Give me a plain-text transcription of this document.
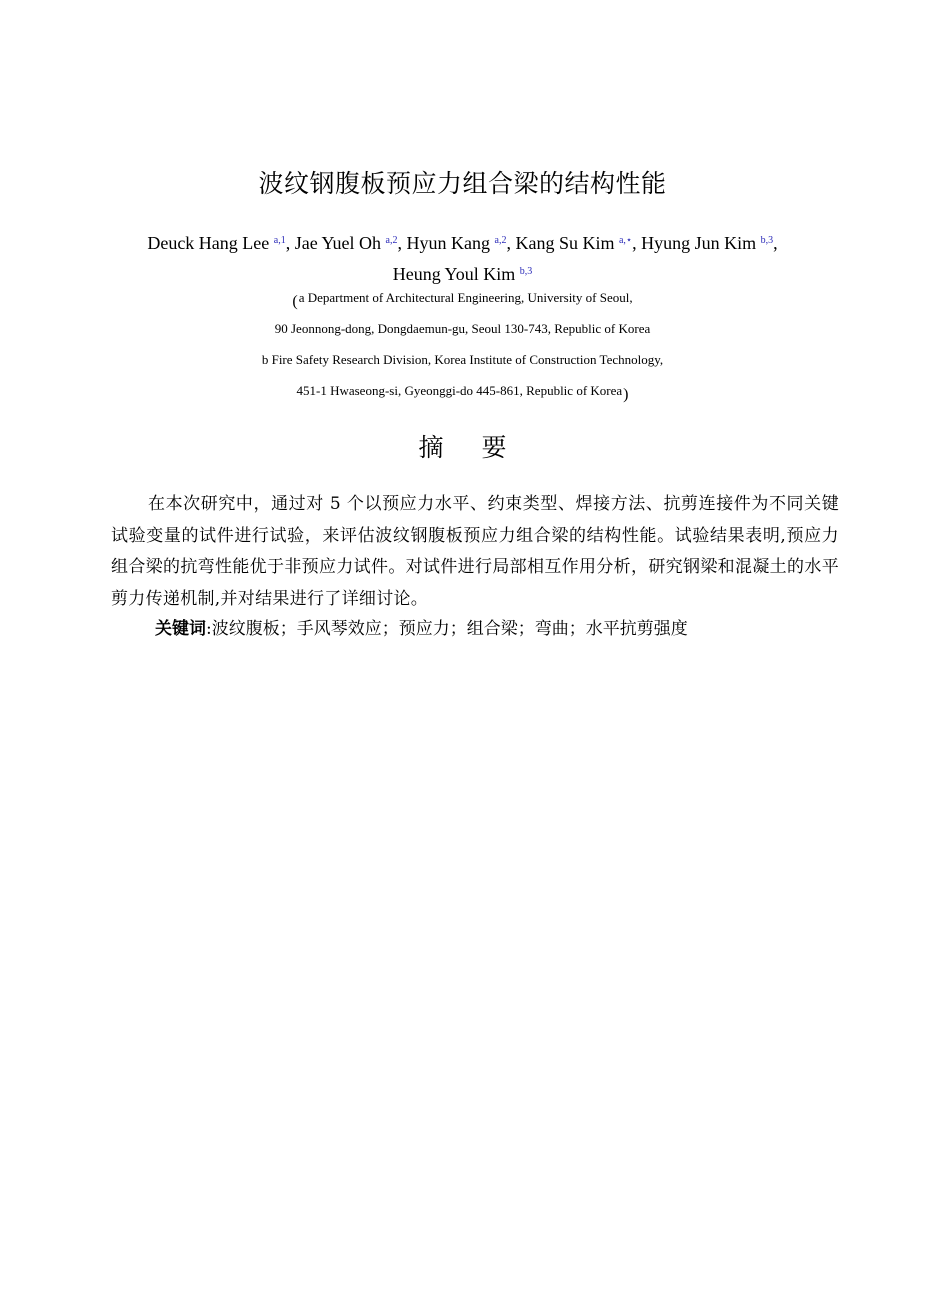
波纹钢腹板预应力组合梁的结构性能
Deuck Hang Lee $^{a,1}$, Jae Yuel Oh $^{a,2}$, Hyun Kang $^{a,2}$, Kang Su Kim $^{a,⋆}$, Hyung Jun Kim $^{b,3}$,
Heung Youl Kim $^{b,3}$
(a Department of Architectural Engineering, University of Seoul,
90 Jeonnong-dong, Dongdaemun-gu, Seoul 130-743, Republic of Korea
b Fire Safety Research Division, Korea Institute of Construction Technology,
451-1 Hwaseong-si, Gyeonggi-do 445-861, Republic of Korea)
摘 要

在本次研究中，通过对 5 个以预应力水平、约束类型、焊接方法、抗剪连接件为不同关键试验变量的试件进行试验，来评估波纹钢腹板预应力组合梁的结构性能。试验结果表明,预应力组合梁的抗弯性能优于非预应力试件。对试件进行局部相互作用分析，研究钢梁和混凝土的水平剪力传递机制,并对结果进行了详细讨论。

关键词:波纹腹板；手风琴效应；预应力；组合梁；弯曲；水平抗剪强度
